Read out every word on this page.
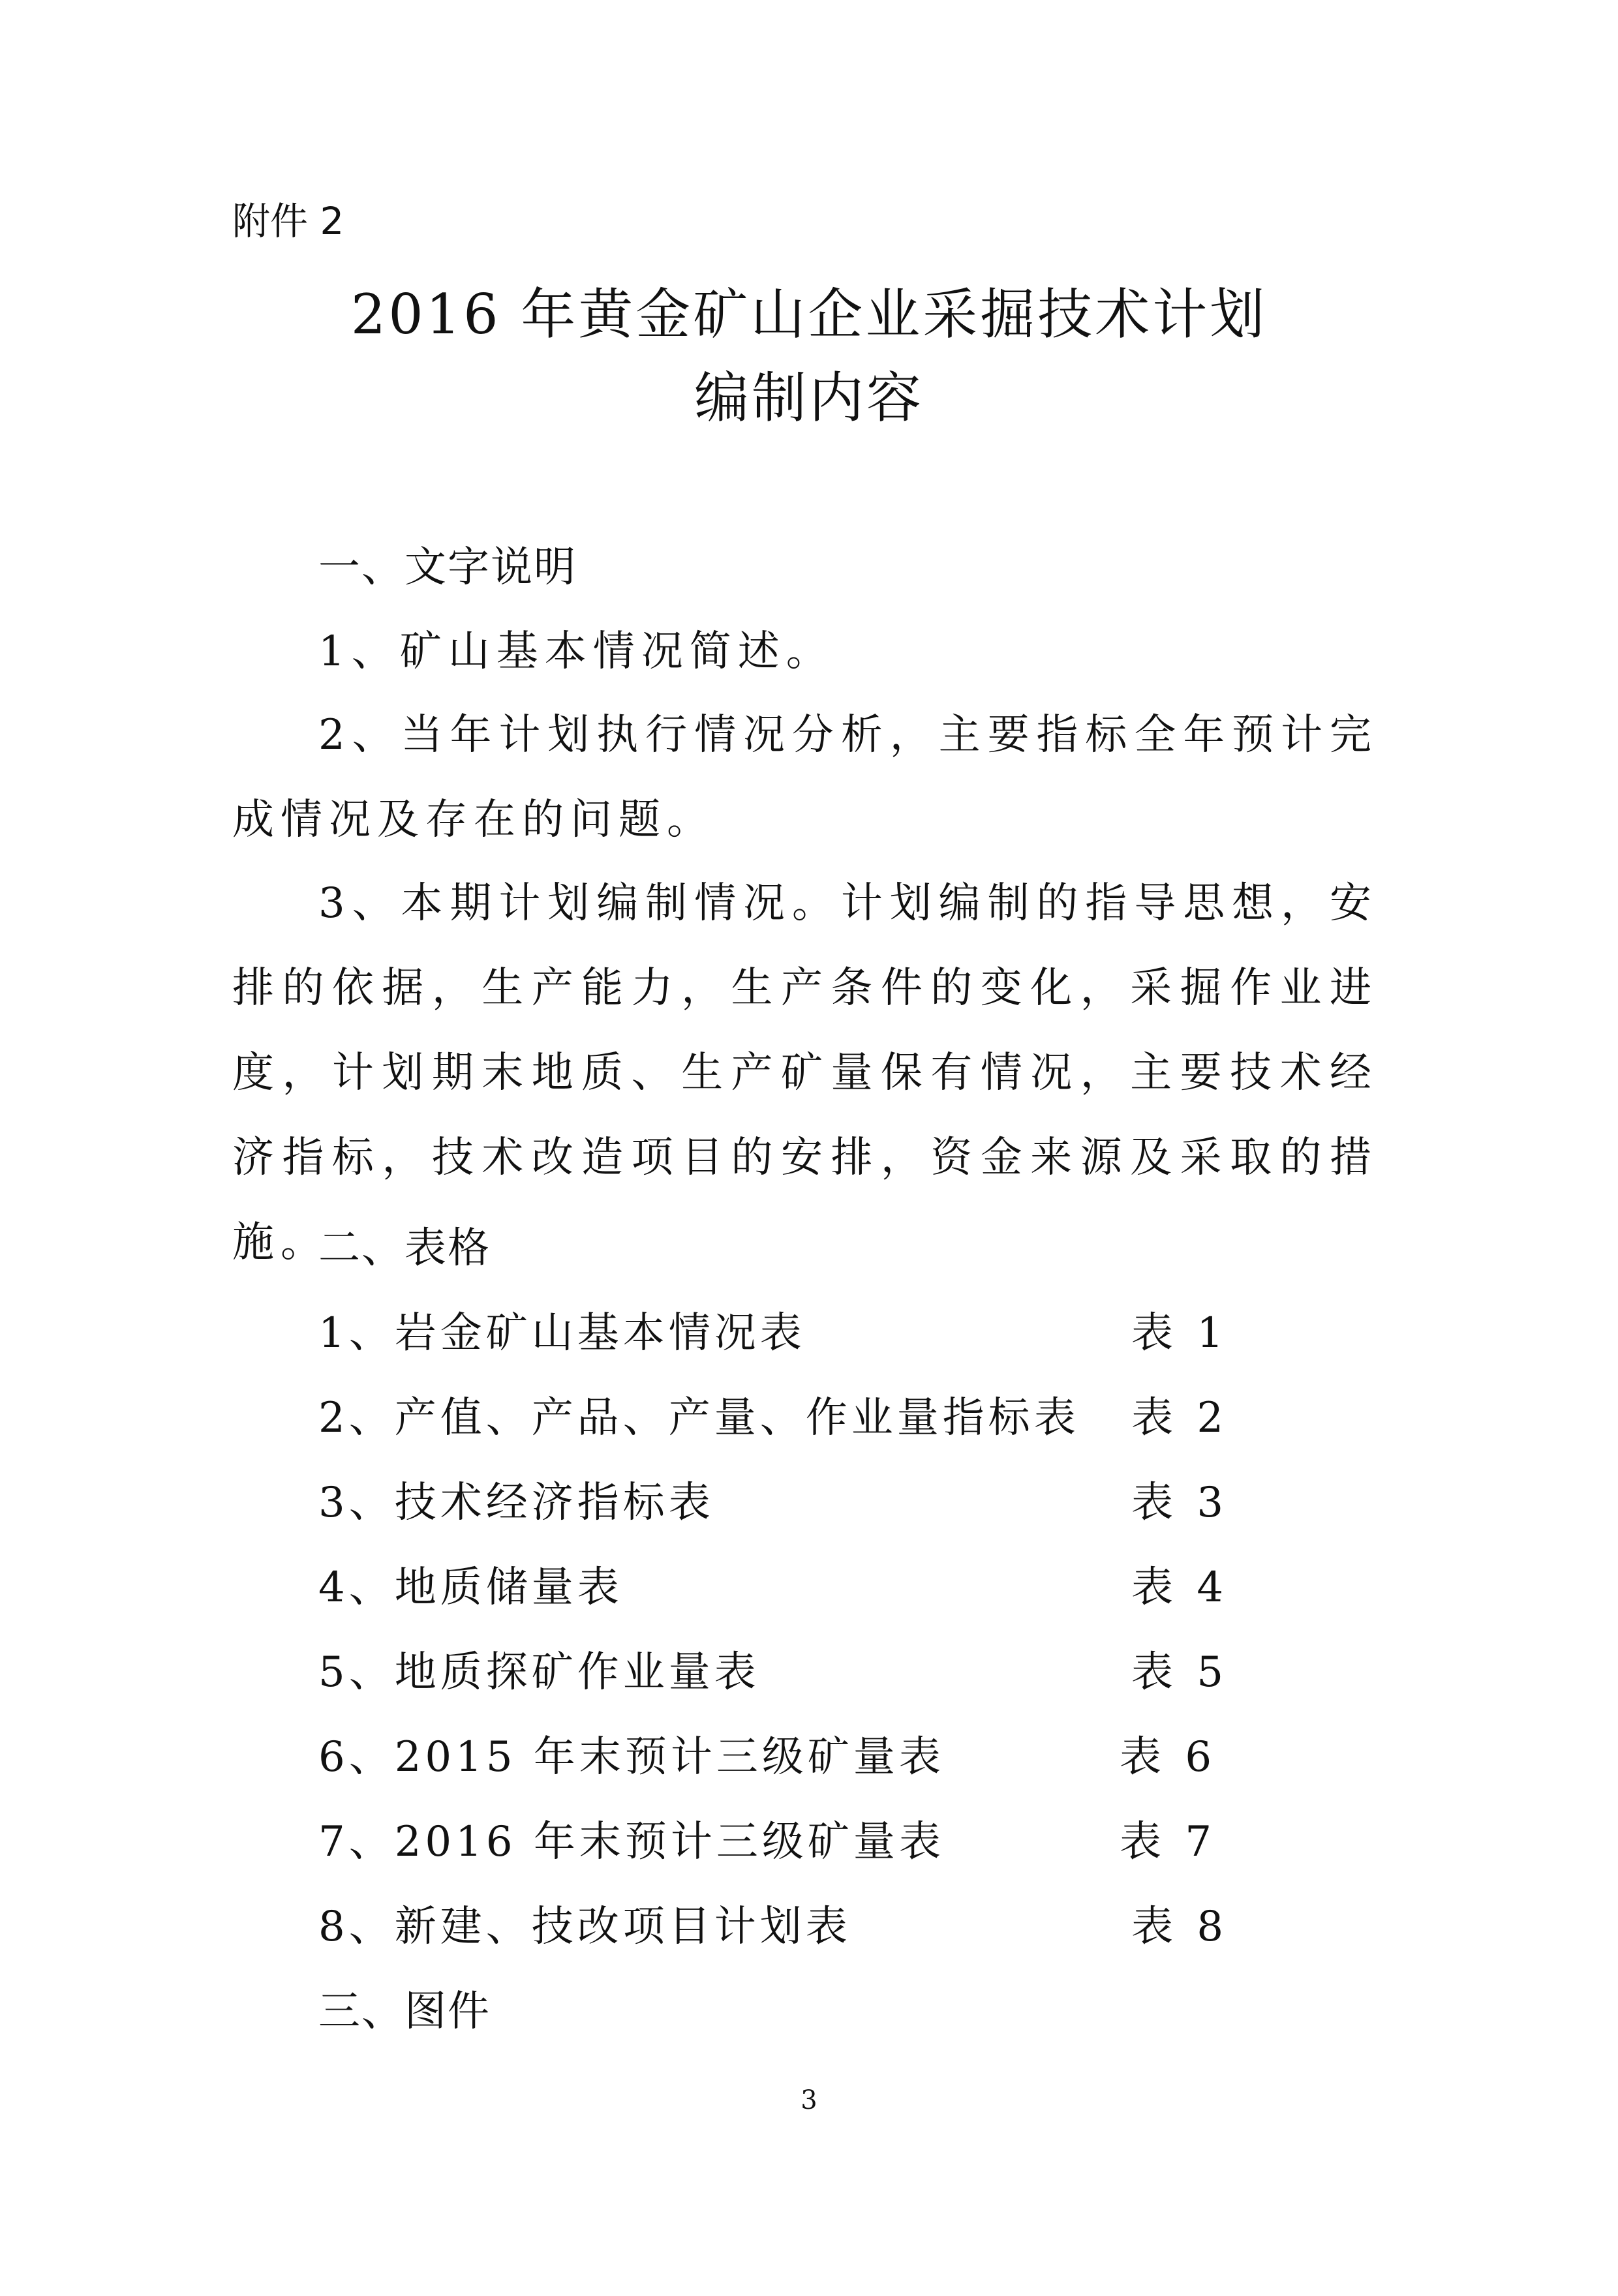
附件 2
2016 年黄金矿山企业采掘技术计划
编制内容
一、文字说明

1、矿山基本情况简述。

2、当年计划执行情况分析，主要指标全年预计完成情况及存在的问题。

3、本期计划编制情况。计划编制的指导思想，安排的依据，生产能力，生产条件的变化，采掘作业进度，计划期末地质、生产矿量保有情况，主要技术经济指标，技术改造项目的安排，资金来源及采取的措施。

二、表格
1、岩金矿山基本情况表	表 1
2、产值、产品、产量、作业量指标表 表 2
3、技术经济指标表	表 3
4、地质储量表	表 4
5、地质探矿作业量表	表 5
6、2015 年末预计三级矿量表	表 6
7、2016 年末预计三级矿量表	表 7
8、新建、技改项目计划表	表 8
三、图件
3
